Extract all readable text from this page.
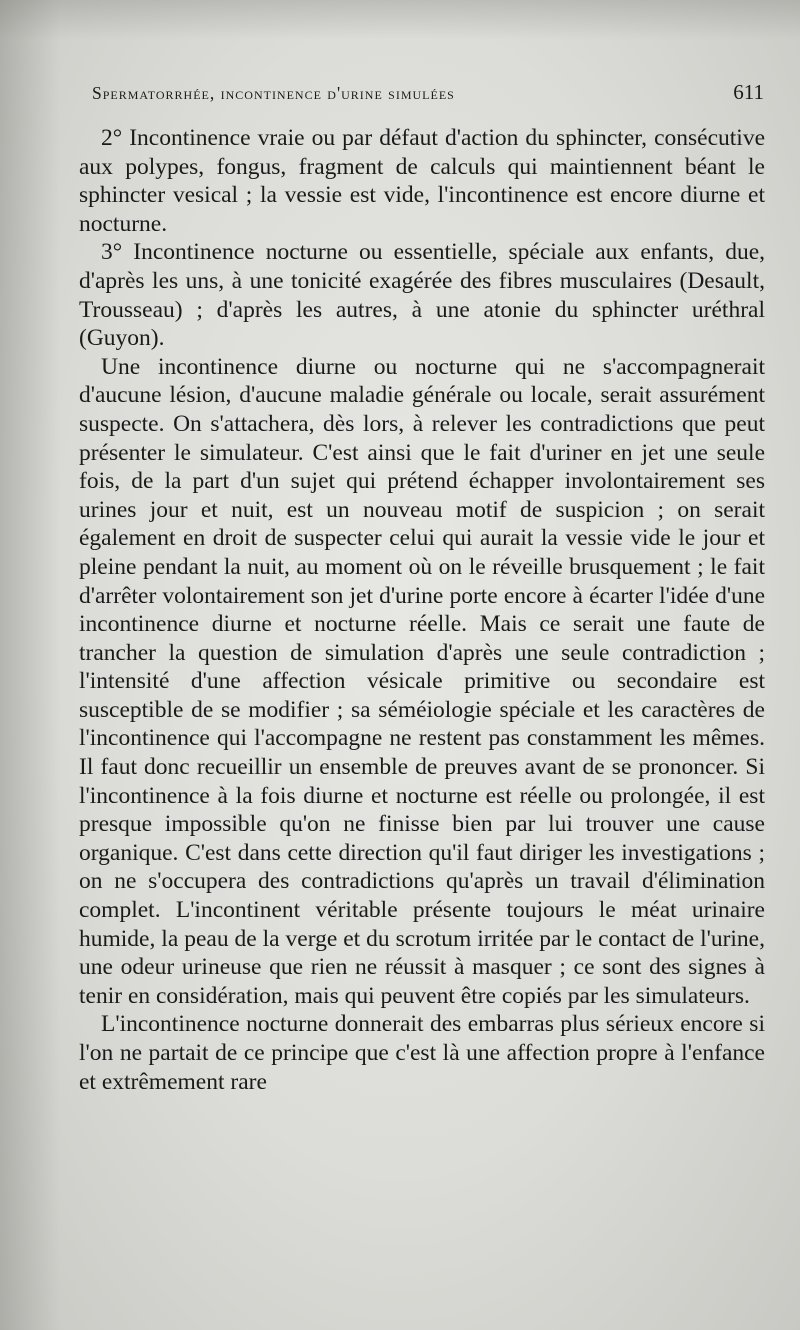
Spermatorrhée, incontinence d'urine simulées	611

2° Incontinence vraie ou par défaut d'action du sphincter, consécutive aux polypes, fongus, fragment de calculs qui maintiennent béant le sphincter vesical ; la vessie est vide, l'incontinence est encore diurne et nocturne.

3° Incontinence nocturne ou essentielle, spéciale aux enfants, due, d'après les uns, à une tonicité exagérée des fibres musculaires (Desault, Trousseau) ; d'après les autres, à une atonie du sphincter uréthral (Guyon).

Une incontinence diurne ou nocturne qui ne s'accompagnerait d'aucune lésion, d'aucune maladie générale ou locale, serait assurément suspecte. On s'attachera, dès lors, à relever les contradictions que peut présenter le simulateur. C'est ainsi que le fait d'uriner en jet une seule fois, de la part d'un sujet qui prétend échapper involontairement ses urines jour et nuit, est un nouveau motif de suspicion ; on serait également en droit de suspecter celui qui aurait la vessie vide le jour et pleine pendant la nuit, au moment où on le réveille brusquement ; le fait d'arrêter volontairement son jet d'urine porte encore à écarter l'idée d'une incontinence diurne et nocturne réelle. Mais ce serait une faute de trancher la question de simulation d'après une seule contradiction ; l'intensité d'une affection vésicale primitive ou secondaire est susceptible de se modifier ; sa séméiologie spéciale et les caractères de l'incontinence qui l'accompagne ne restent pas constamment les mêmes. Il faut donc recueillir un ensemble de preuves avant de se prononcer. Si l'incontinence à la fois diurne et nocturne est réelle ou prolongée, il est presque impossible qu'on ne finisse bien par lui trouver une cause organique. C'est dans cette direction qu'il faut diriger les investigations ; on ne s'occupera des contradictions qu'après un travail d'élimination complet. L'incontinent véritable présente toujours le méat urinaire humide, la peau de la verge et du scrotum irritée par le contact de l'urine, une odeur urineuse que rien ne réussit à masquer ; ce sont des signes à tenir en considération, mais qui peuvent être copiés par les simulateurs.

L'incontinence nocturne donnerait des embarras plus sérieux encore si l'on ne partait de ce principe que c'est là une affection propre à l'enfance et extrêmement rare
